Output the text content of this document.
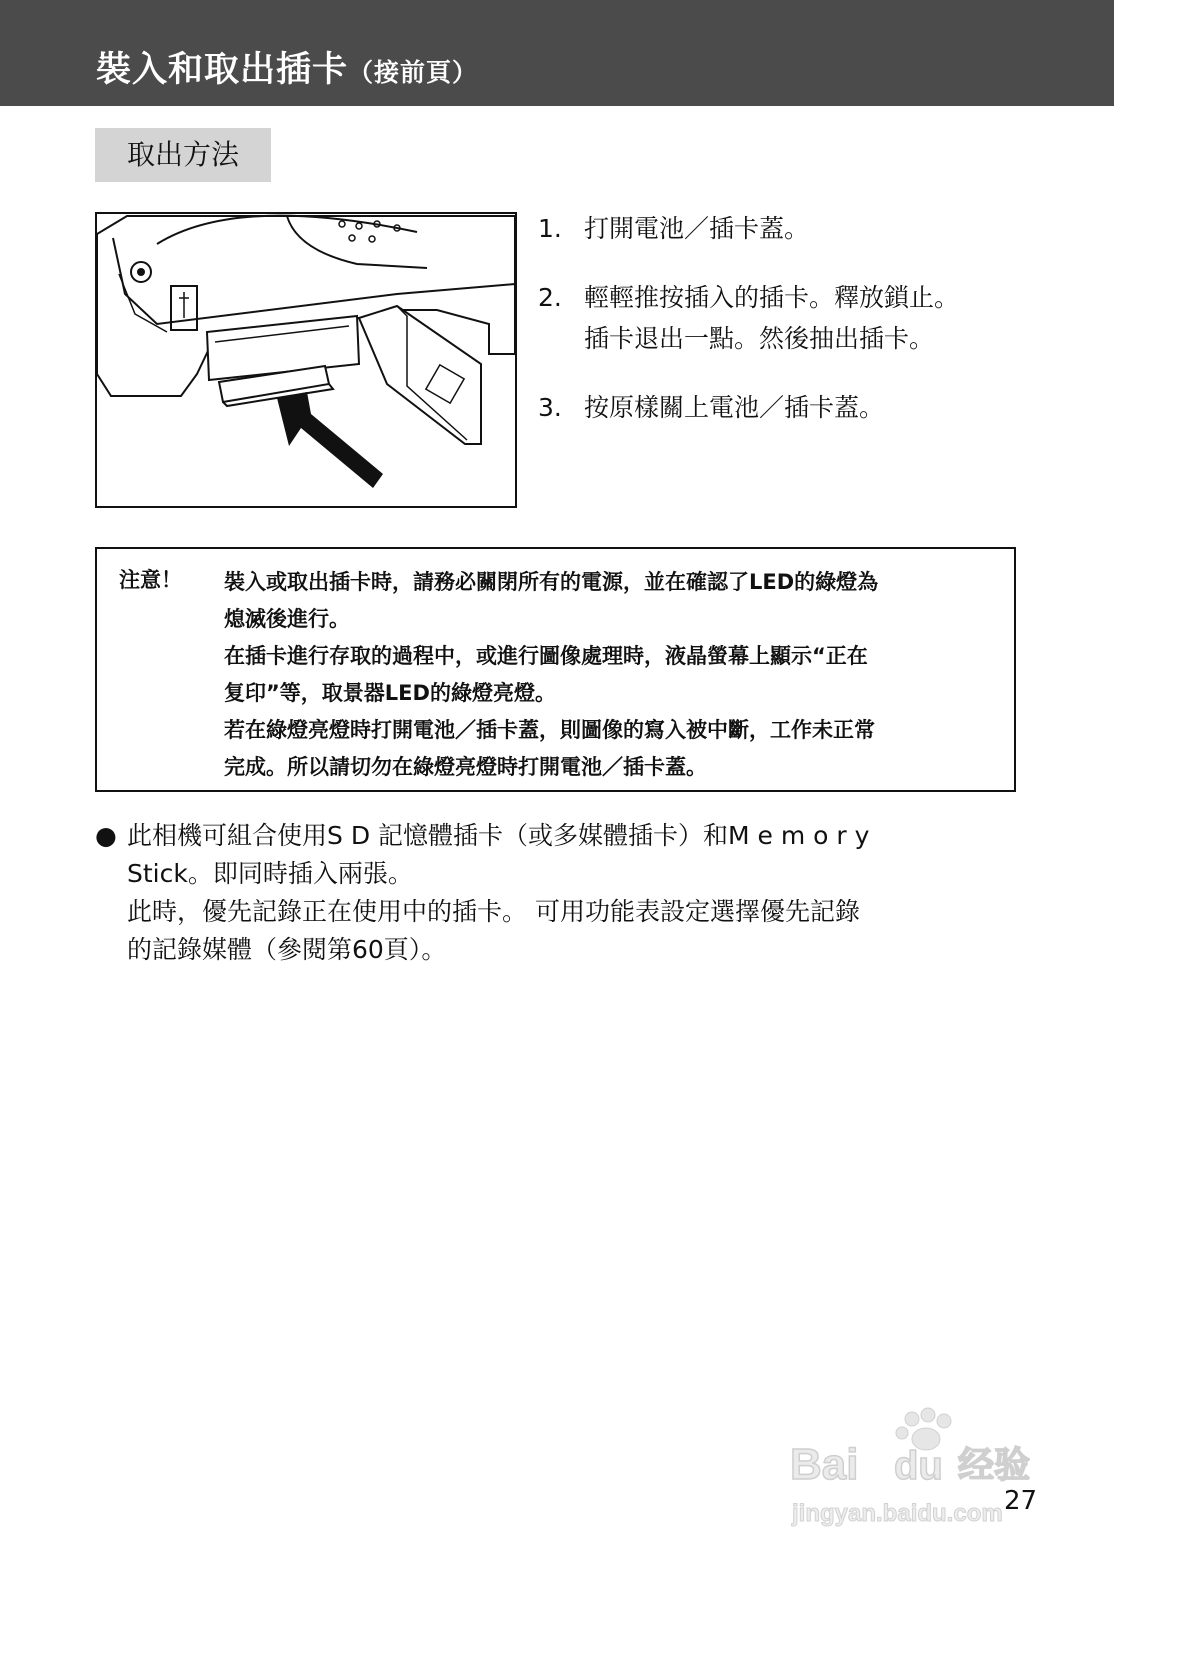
裝入和取出插卡（接前頁）
取出方法
1. 打開電池／插卡蓋。
2. 輕輕推按插入的插卡。釋放鎖止。
插卡退出一點。然後抽出插卡。
3. 按原樣關上電池／插卡蓋。
注意！ 裝入或取出插卡時，請務必關閉所有的電源，並在確認了LED的綠燈為
熄滅後進行。
在插卡進行存取的過程中，或進行圖像處理時，液晶螢幕上顯示“正在
复印”等，取景器LED的綠燈亮燈。
若在綠燈亮燈時打開電池／插卡蓋，則圖像的寫入被中斷，工作未正常
完成。所以請切勿在綠燈亮燈時打開電池／插卡蓋。
● 此相機可組合使用S D 記憶體插卡（或多媒體插卡）和M e m o r y
Stick。即同時插入兩張。
此時，優先記錄正在使用中的插卡。 可用功能表設定選擇優先記錄
的記錄媒體（參閱第60頁）。
Bai du 经验
jingyan.baidu.com 27
